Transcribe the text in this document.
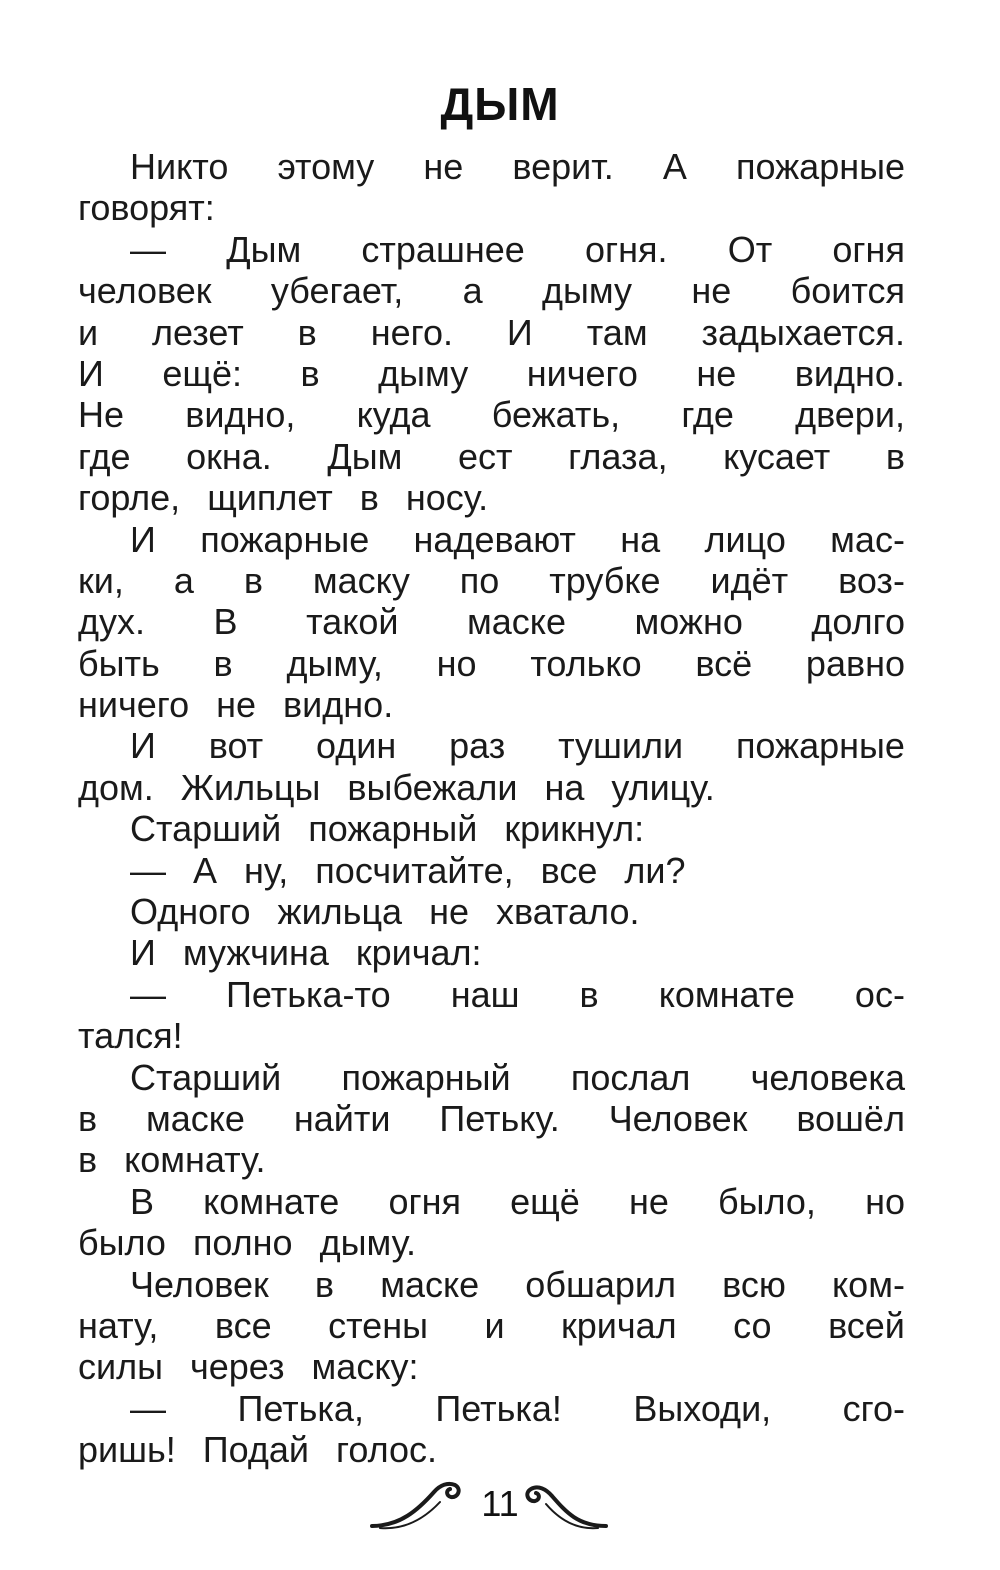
ДЫМ
Никто этому не верит. А пожарные
говорят:
— Дым страшнее огня. От огня
человек убегает, а дыму не боится
и лезет в него. И там задыхается.
И ещё: в дыму ничего не видно.
Не видно, куда бежать, где двери,
где окна. Дым ест глаза, кусает в
горле, щиплет в носу.
И пожарные надевают на лицо мас-
ки, а в маску по трубке идёт воз-
дух. В такой маске можно долго
быть в дыму, но только всё равно
ничего не видно.
И вот один раз тушили пожарные
дом. Жильцы выбежали на улицу.
Старший пожарный крикнул:
— А ну, посчитайте, все ли?
Одного жильца не хватало.
И мужчина кричал:
— Петька-то наш в комнате ос-
тался!
Старший пожарный послал человека
в маске найти Петьку. Человек вошёл
в комнату.
В комнате огня ещё не было, но
было полно дыму.
Человек в маске обшарил всю ком-
нату, все стены и кричал со всей
силы через маску:
— Петька, Петька! Выходи, сго-
ришь! Подай голос.
11
